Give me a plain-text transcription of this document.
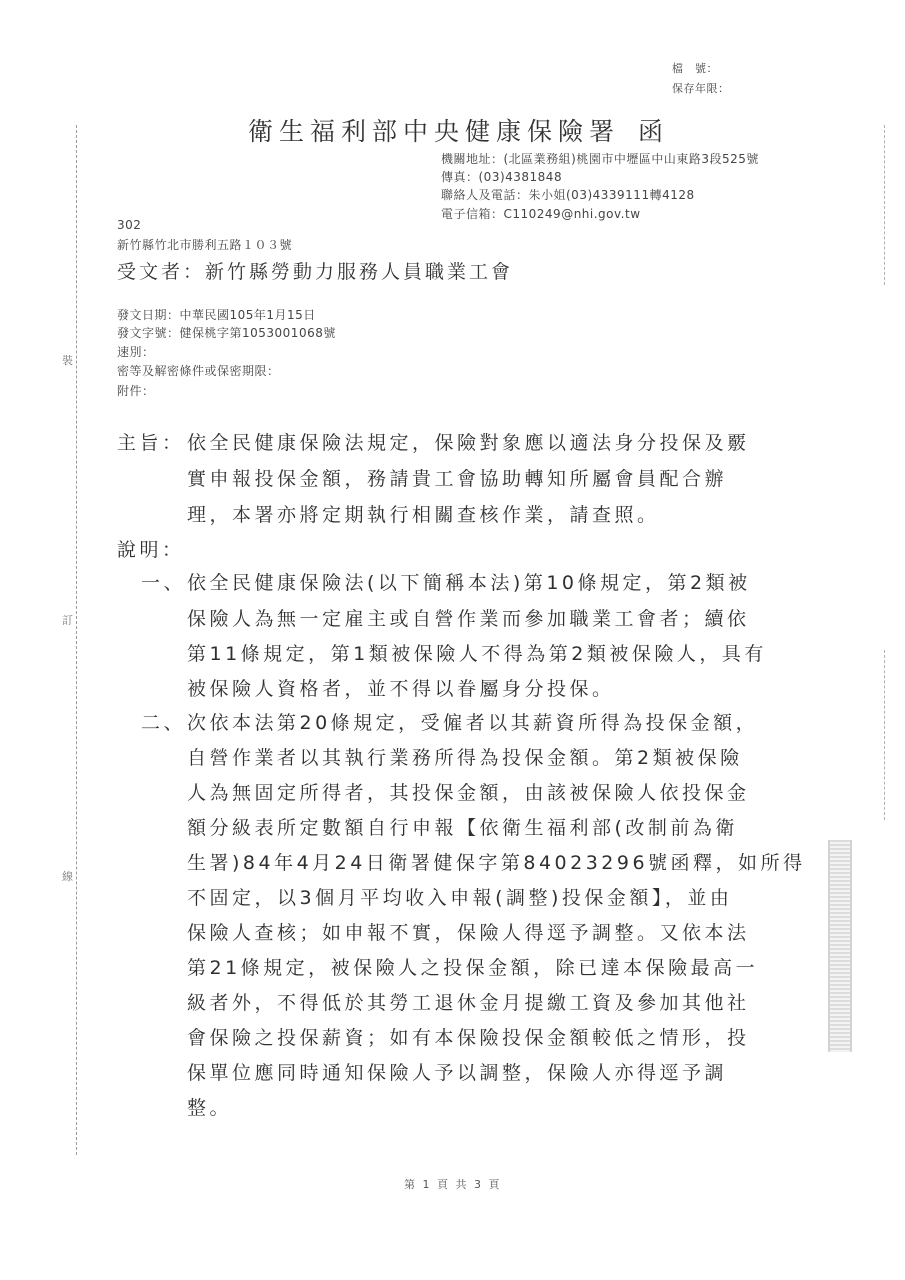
裝
訂
線
檔　號：
保存年限：
衛生福利部中央健康保險署 函
機關地址：(北區業務組)桃園市中壢區中山東路3段525號
傳真：(03)4381848
聯絡人及電話：朱小姐(03)4339111轉4128
電子信箱：C110249@nhi.gov.tw
302
新竹縣竹北市勝利五路１０３號
受文者：新竹縣勞動力服務人員職業工會
發文日期：中華民國105年1月15日
發文字號：健保桃字第1053001068號
速別：
密等及解密條件或保密期限：
附件：
主旨： 依全民健康保險法規定，保險對象應以適法身分投保及覈
實申報投保金額，務請貴工會協助轉知所屬會員配合辦
理，本署亦將定期執行相關查核作業，請查照。
說明：
一、 依全民健康保險法(以下簡稱本法)第10條規定，第2類被
保險人為無一定雇主或自營作業而參加職業工會者；續依
第11條規定，第1類被保險人不得為第2類被保險人，具有
被保險人資格者，並不得以眷屬身分投保。
二、 次依本法第20條規定，受僱者以其薪資所得為投保金額，
自營作業者以其執行業務所得為投保金額。第2類被保險
人為無固定所得者，其投保金額，由該被保險人依投保金
額分級表所定數額自行申報【依衛生福利部(改制前為衛
生署)84年4月24日衛署健保字第84023296號函釋，如所得
不固定，以3個月平均收入申報(調整)投保金額】，並由
保險人查核；如申報不實，保險人得逕予調整。又依本法
第21條規定，被保險人之投保金額，除已達本保險最高一
級者外，不得低於其勞工退休金月提繳工資及參加其他社
會保險之投保薪資；如有本保險投保金額較低之情形，投
保單位應同時通知保險人予以調整，保險人亦得逕予調
整。
第 1 頁 共 3 頁
